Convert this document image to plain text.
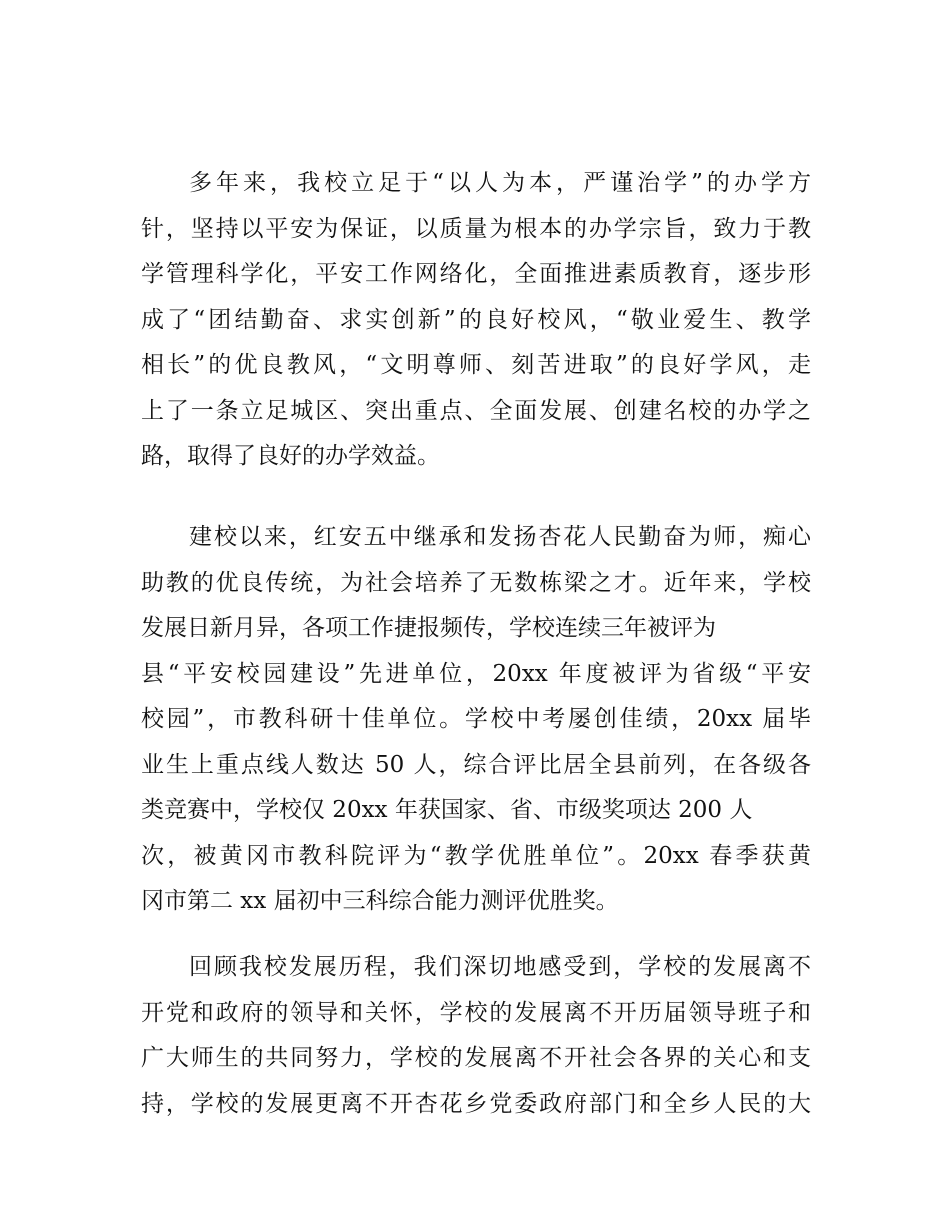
多年来，我校立足于“以人为本，严谨治学”的办学方
针，坚持以平安为保证，以质量为根本的办学宗旨，致力于教
学管理科学化，平安工作网络化，全面推进素质教育，逐步形
成了“团结勤奋、求实创新”的良好校风，“敬业爱生、教学
相长”的优良教风，“文明尊师、刻苦进取”的良好学风，走
上了一条立足城区、突出重点、全面发展、创建名校的办学之
路，取得了良好的办学效益。
建校以来，红安五中继承和发扬杏花人民勤奋为师，痴心
助教的优良传统，为社会培养了无数栋梁之才。近年来，学校
发展日新月异，各项工作捷报频传，学校连续三年被评为
县“平安校园建设”先进单位，20xx 年度被评为省级“平安
校园”，市教科研十佳单位。学校中考屡创佳绩，20xx 届毕
业生上重点线人数达 50 人，综合评比居全县前列，在各级各
类竞赛中，学校仅 20xx 年获国家、省、市级奖项达 200 人
次，被黄冈市教科院评为“教学优胜单位”。20xx 春季获黄
冈市第二 xx 届初中三科综合能力测评优胜奖。
回顾我校发展历程，我们深切地感受到，学校的发展离不
开党和政府的领导和关怀，学校的发展离不开历届领导班子和
广大师生的共同努力，学校的发展离不开社会各界的关心和支
持，学校的发展更离不开杏花乡党委政府部门和全乡人民的大
